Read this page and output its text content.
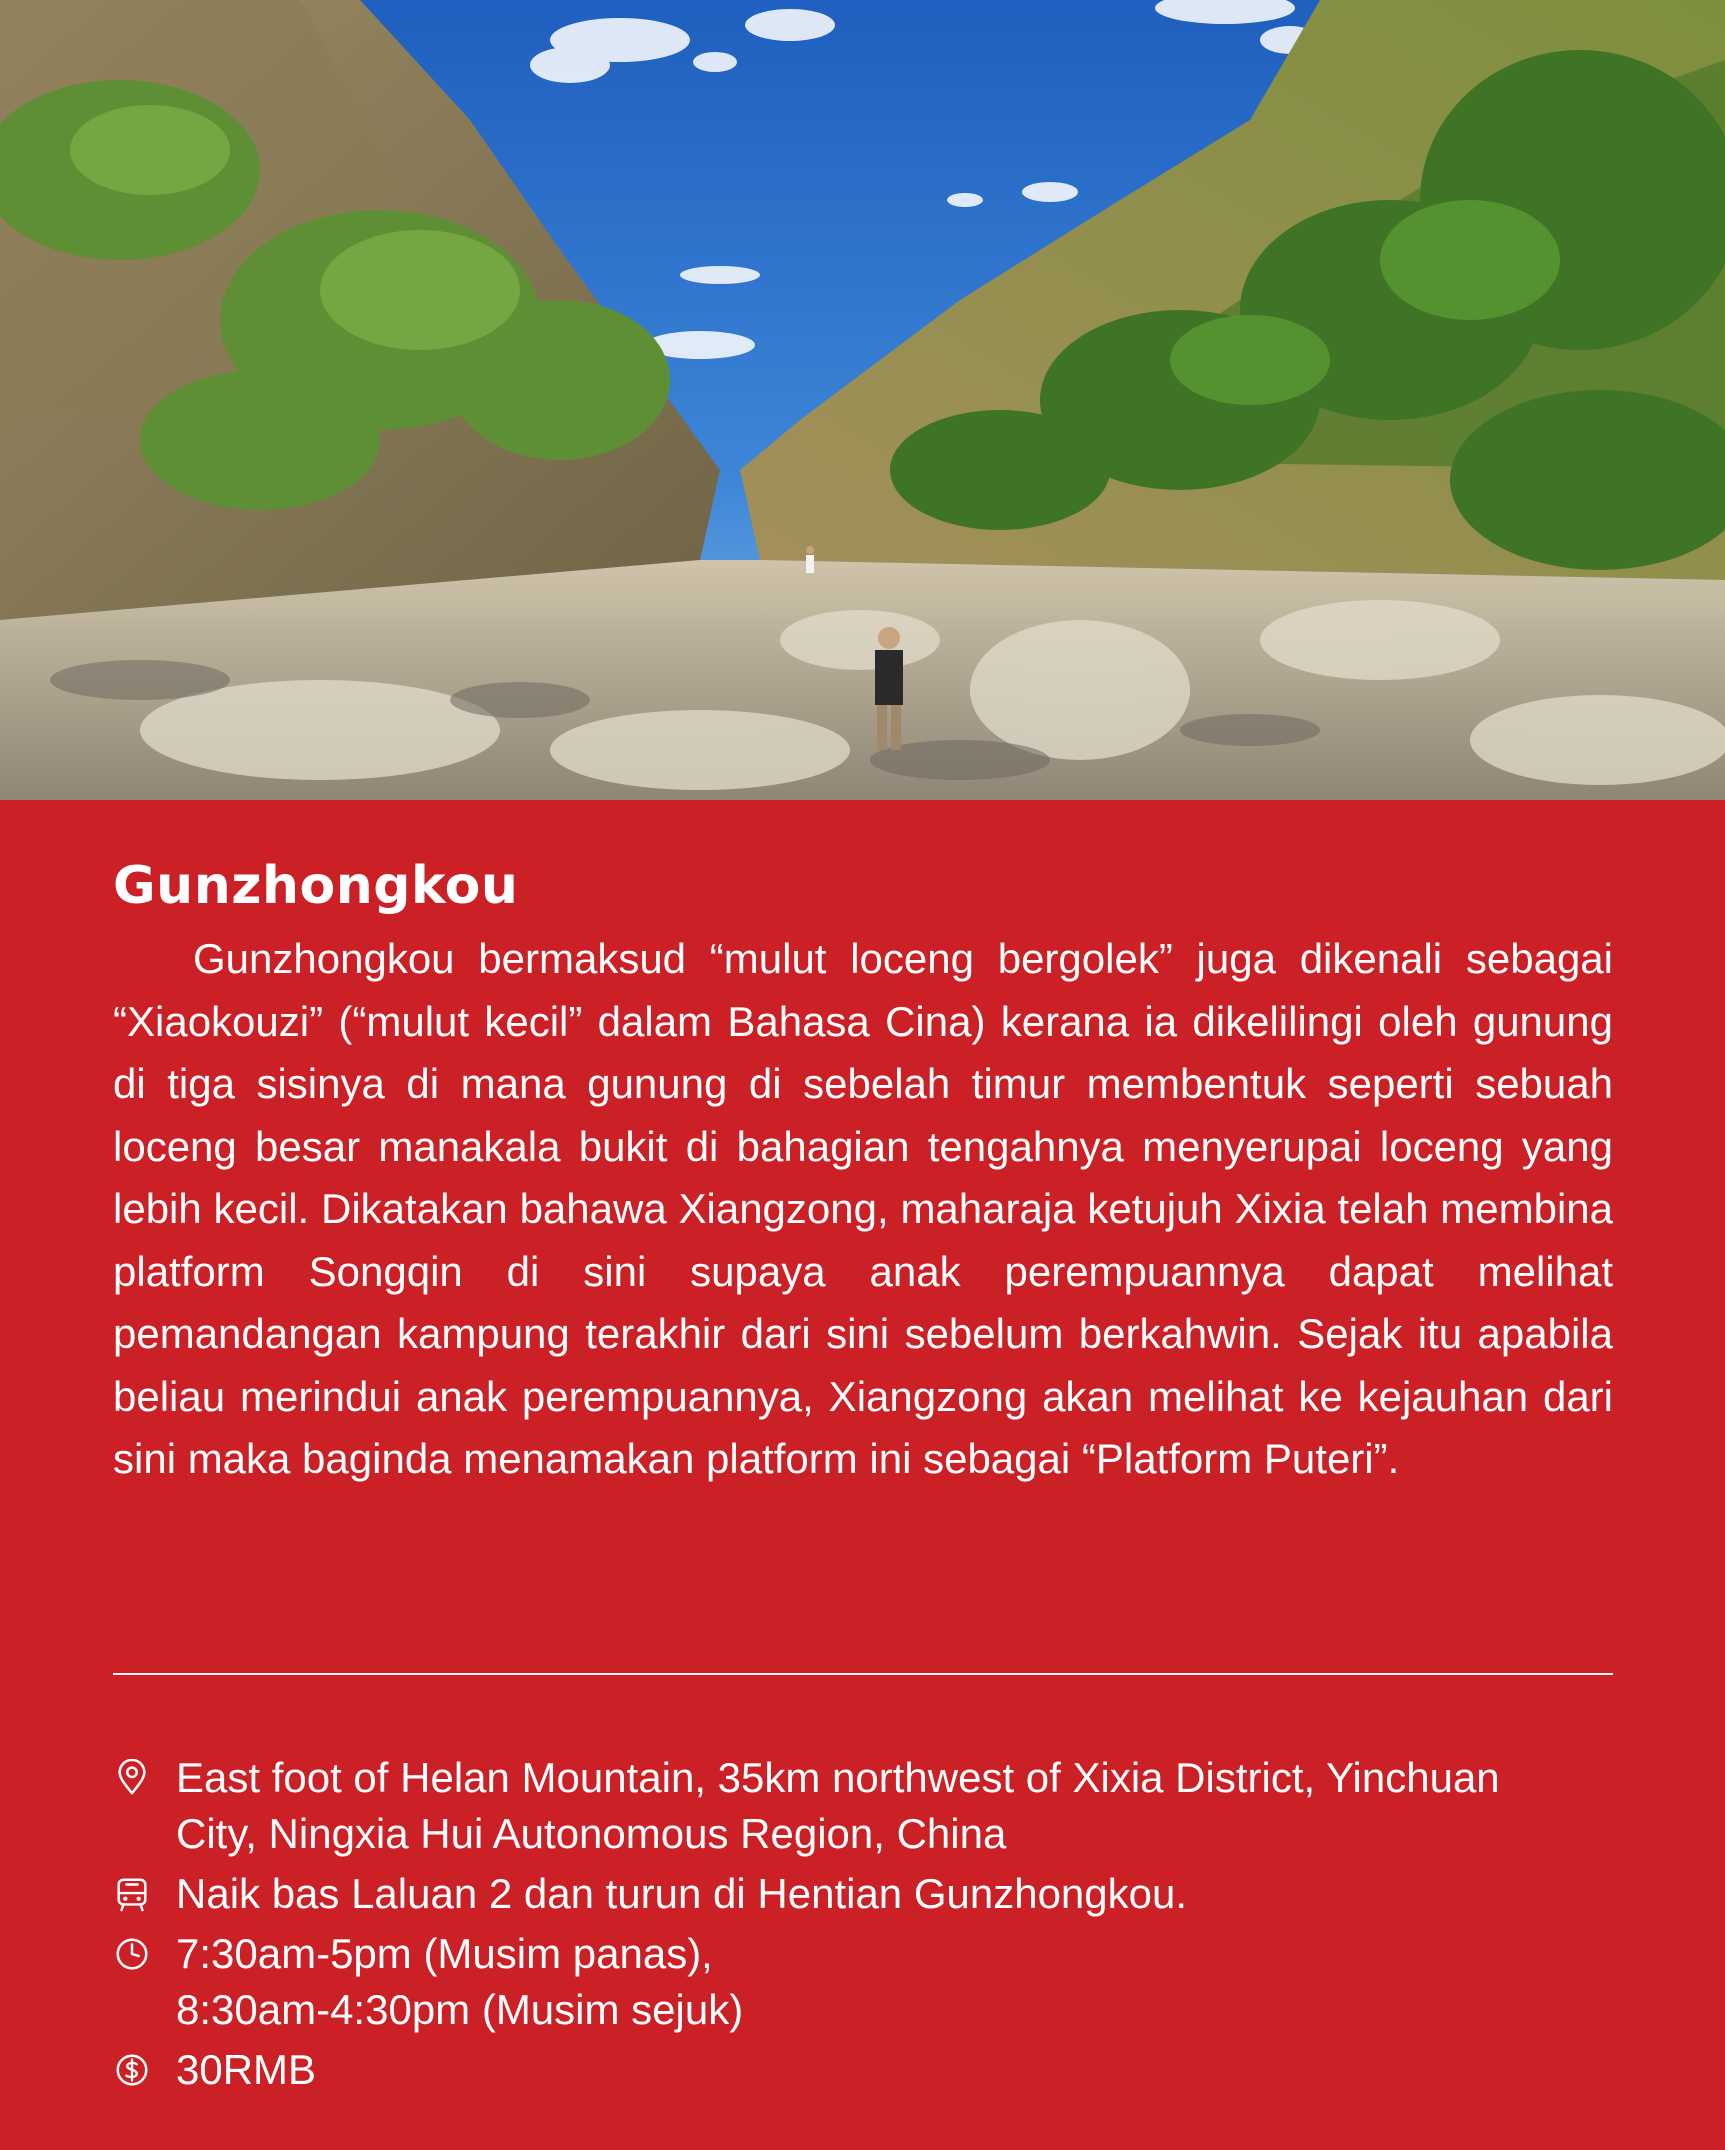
Gunzhongkou

Gunzhongkou bermaksud “mulut loceng bergolek” juga dikenali sebagai “Xiaokouzi” (“mulut kecil” dalam Bahasa Cina) kerana ia dikelilingi oleh gunung di tiga sisinya di mana gunung di sebelah timur membentuk seperti sebuah loceng besar manakala bukit di bahagian tengahnya menyerupai loceng yang lebih kecil. Dikatakan bahawa Xiangzong, maharaja ketujuh Xixia telah membina platform Songqin di sini supaya anak perempuannya dapat melihat pemandangan kampung terakhir dari sini sebelum berkahwin. Sejak itu apabila beliau merindui anak perempuannya, Xiangzong akan melihat ke kejauhan dari sini maka baginda menamakan platform ini sebagai “Platform Puteri”.

East foot of Helan Mountain, 35km northwest of Xixia District, Yinchuan
City, Ningxia Hui Autonomous Region, China
Naik bas Laluan 2 dan turun di Hentian Gunzhongkou.
7:30am-5pm (Musim panas),
8:30am-4:30pm (Musim sejuk)
30RMB
